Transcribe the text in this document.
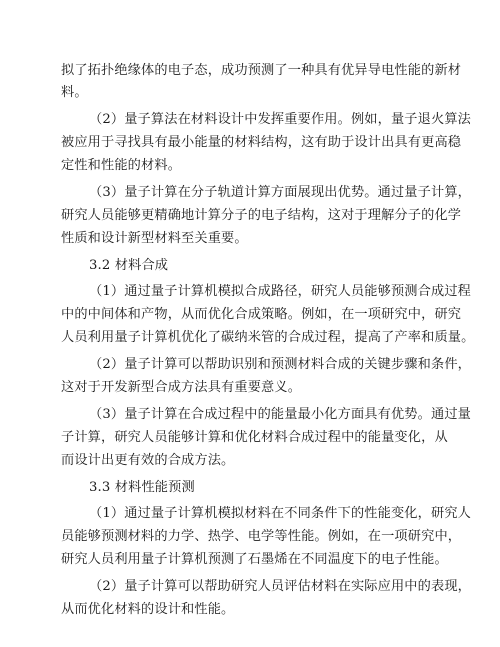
拟了拓扑绝缘体的电子态，成功预测了一种具有优异导电性能的新材
料。
（2）量子算法在材料设计中发挥重要作用。例如，量子退火算法
被应用于寻找具有最小能量的材料结构，这有助于设计出具有更高稳
定性和性能的材料。
（3）量子计算在分子轨道计算方面展现出优势。通过量子计算，
研究人员能够更精确地计算分子的电子结构，这对于理解分子的化学
性质和设计新型材料至关重要。
3.2 材料合成
（1）通过量子计算机模拟合成路径，研究人员能够预测合成过程
中的中间体和产物，从而优化合成策略。例如，在一项研究中，研究
人员利用量子计算机优化了碳纳米管的合成过程，提高了产率和质量。
（2）量子计算可以帮助识别和预测材料合成的关键步骤和条件，
这对于开发新型合成方法具有重要意义。
（3）量子计算在合成过程中的能量最小化方面具有优势。通过量
子计算，研究人员能够计算和优化材料合成过程中的能量变化，从
而设计出更有效的合成方法。
3.3 材料性能预测
（1）通过量子计算机模拟材料在不同条件下的性能变化，研究人
员能够预测材料的力学、热学、电学等性能。例如，在一项研究中，
研究人员利用量子计算机预测了石墨烯在不同温度下的电子性能。
（2）量子计算可以帮助研究人员评估材料在实际应用中的表现，
从而优化材料的设计和性能。
